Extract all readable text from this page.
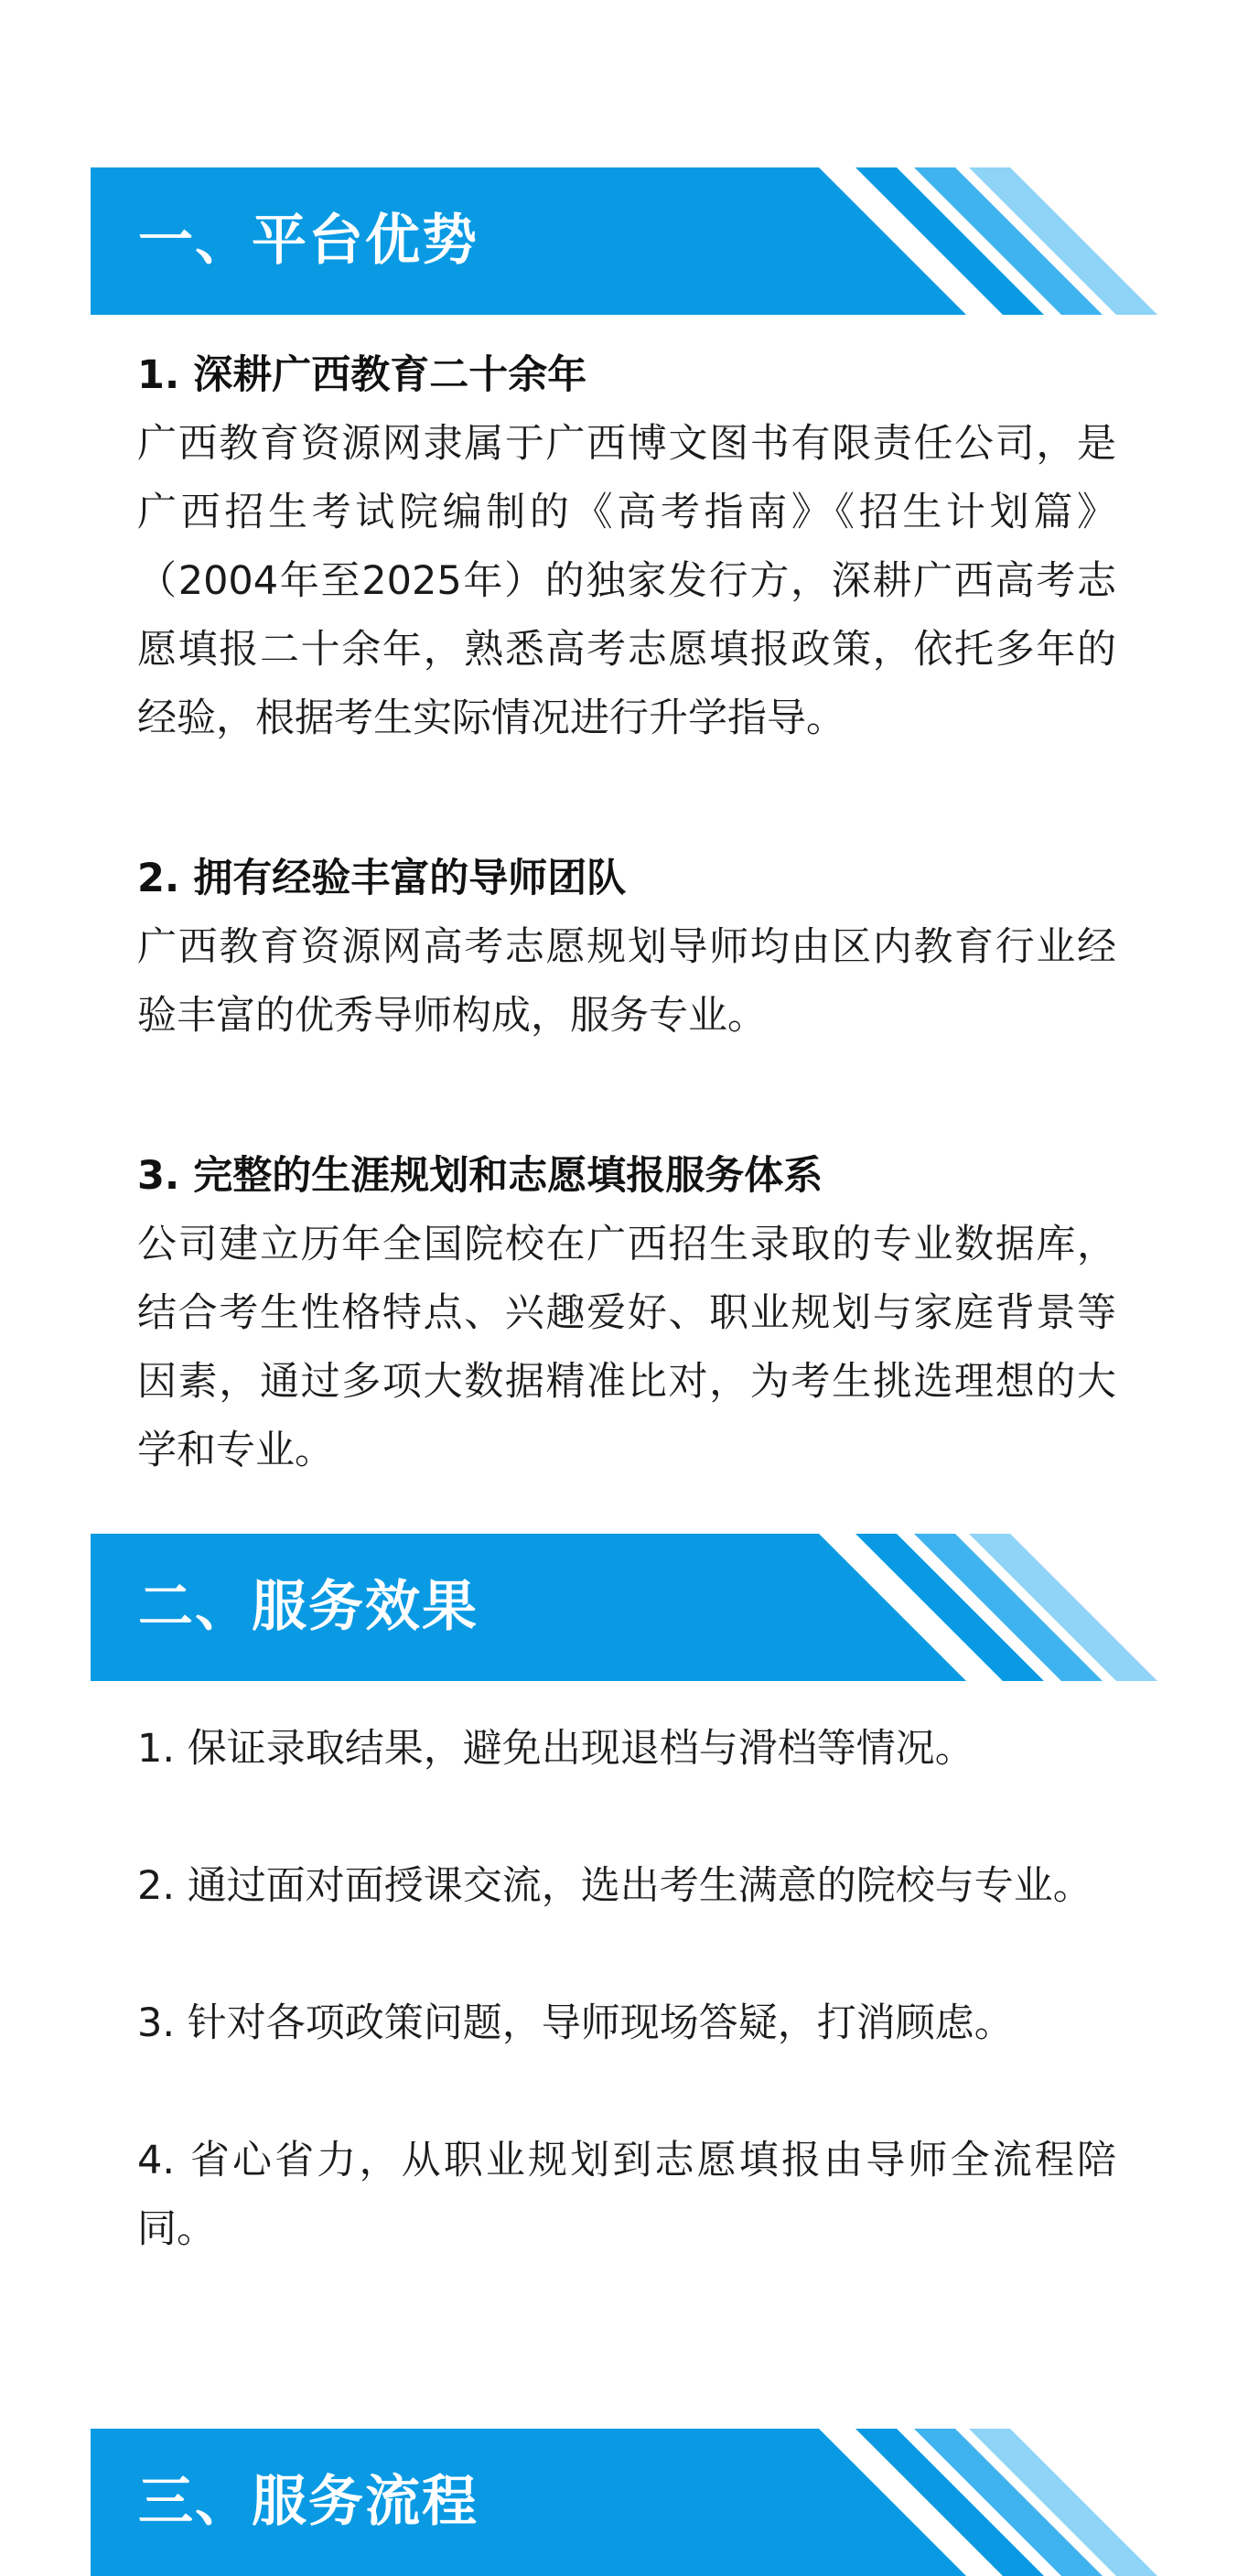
一、平台优势
1. 深耕广西教育二十余年
广西教育资源网隶属于广西博文图书有限责任公司，是广西招生考试院编制的《高考指南》《招生计划篇》（2004年至2025年）的独家发行方，深耕广西高考志愿填报二十余年，熟悉高考志愿填报政策，依托多年的经验，根据考生实际情况进行升学指导。
2. 拥有经验丰富的导师团队
广西教育资源网高考志愿规划导师均由区内教育行业经验丰富的优秀导师构成，服务专业。
3. 完整的生涯规划和志愿填报服务体系
公司建立历年全国院校在广西招生录取的专业数据库，结合考生性格特点、兴趣爱好、职业规划与家庭背景等因素，通过多项大数据精准比对，为考生挑选理想的大学和专业。
二、服务效果
1. 保证录取结果，避免出现退档与滑档等情况。
2. 通过面对面授课交流，选出考生满意的院校与专业。
3. 针对各项政策问题，导师现场答疑，打消顾虑。
4. 省心省力，从职业规划到志愿填报由导师全流程陪同。
三、服务流程
